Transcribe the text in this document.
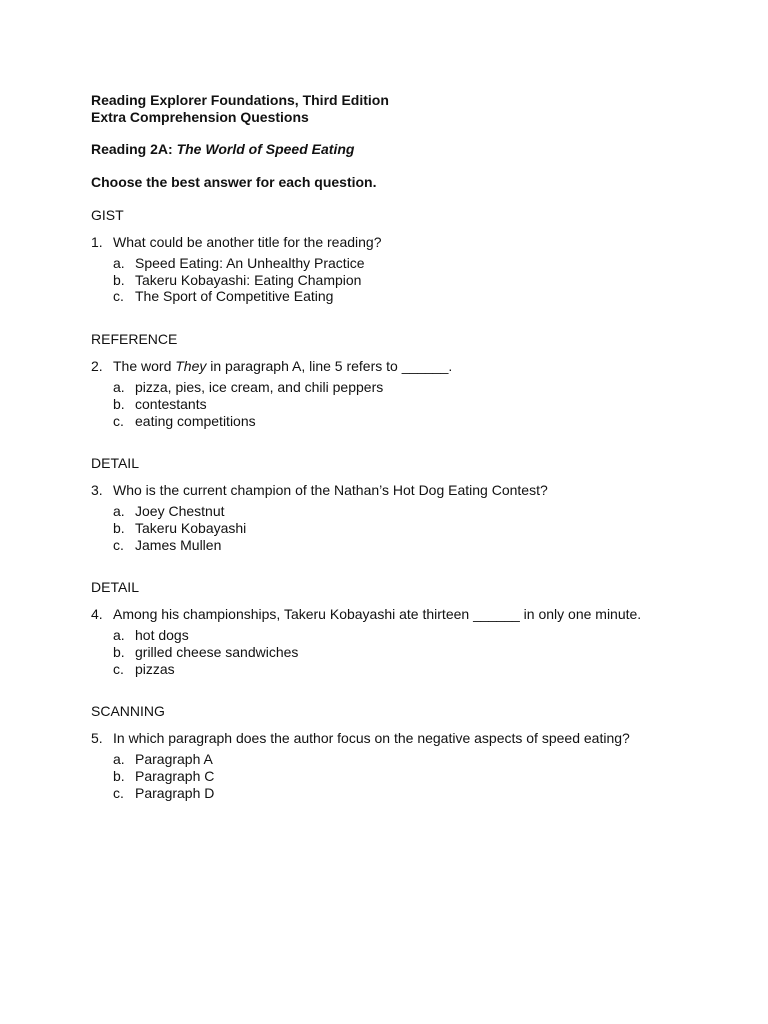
Reading Explorer Foundations, Third Edition
Extra Comprehension Questions
Reading 2A: The World of Speed Eating
Choose the best answer for each question.
GIST
1. What could be another title for the reading?
a. Speed Eating: An Unhealthy Practice
b. Takeru Kobayashi: Eating Champion
c. The Sport of Competitive Eating
REFERENCE
2. The word They in paragraph A, line 5 refers to ______.
a. pizza, pies, ice cream, and chili peppers
b. contestants
c. eating competitions
DETAIL
3. Who is the current champion of the Nathan’s Hot Dog Eating Contest?
a. Joey Chestnut
b. Takeru Kobayashi
c. James Mullen
DETAIL
4. Among his championships, Takeru Kobayashi ate thirteen ______ in only one minute.
a. hot dogs
b. grilled cheese sandwiches
c. pizzas
SCANNING
5. In which paragraph does the author focus on the negative aspects of speed eating?
a. Paragraph A
b. Paragraph C
c. Paragraph D
